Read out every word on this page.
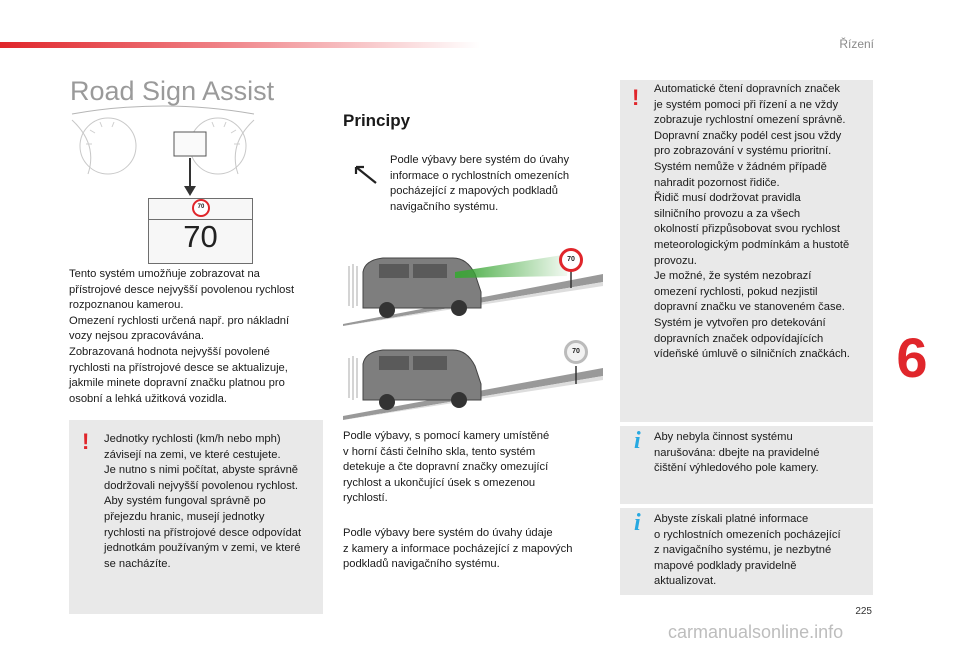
Řízení
Road Sign Assist
70
70
Tento systém umožňuje zobrazovat na
přístrojové desce nejvyšší povolenou rychlost
rozpoznanou kamerou.
Omezení rychlosti určená např. pro nákladní
vozy nejsou zpracovávána.
Zobrazovaná hodnota nejvyšší povolené
rychlosti na přístrojové desce se aktualizuje,
jakmile minete dopravní značku platnou pro
osobní a lehká užitková vozidla.
! Jednotky rychlosti (km/h nebo mph)
závisejí na zemi, ve které cestujete.
Je nutno s nimi počítat, abyste správně
dodržovali nejvyšší povolenou rychlost.
Aby systém fungoval správně po
přejezdu hranic, musejí jednotky
rychlosti na přístrojové desce odpovídat
jednotkám používaným v zemi, ve které
se nacházíte.
Principy
Podle výbavy bere systém do úvahy
informace o rychlostních omezeních
pocházející z mapových podkladů
navigačního systému.
70
70
Podle výbavy, s pomocí kamery umístěné
v horní části čelního skla, tento systém
detekuje a čte dopravní značky omezující
rychlost a ukončující úsek s omezenou
rychlostí.
Podle výbavy bere systém do úvahy údaje
z kamery a informace pocházející z mapových
podkladů navigačního systému.
! Automatické čtení dopravních značek
je systém pomoci při řízení a ne vždy
zobrazuje rychlostní omezení správně.
Dopravní značky podél cest jsou vždy
pro zobrazování v systému prioritní.
Systém nemůže v žádném případě
nahradit pozornost řidiče.
Řidič musí dodržovat pravidla
silničního provozu a za všech
okolností přizpůsobovat svou rychlost
meteorologickým podmínkám a hustotě
provozu.
Je možné, že systém nezobrazí
omezení rychlosti, pokud nezjistil
dopravní značku ve stanoveném čase.
Systém je vytvořen pro detekování
dopravních značek odpovídajících
vídeňské úmluvě o silničních značkách.
i Aby nebyla činnost systému
narušována: dbejte na pravidelné
čištění výhledového pole kamery.
i Abyste získali platné informace
o rychlostních omezeních pocházející
z navigačního systému, je nezbytné
mapové podklady pravidelně
aktualizovat.
6
225
carmanualsonline.info
